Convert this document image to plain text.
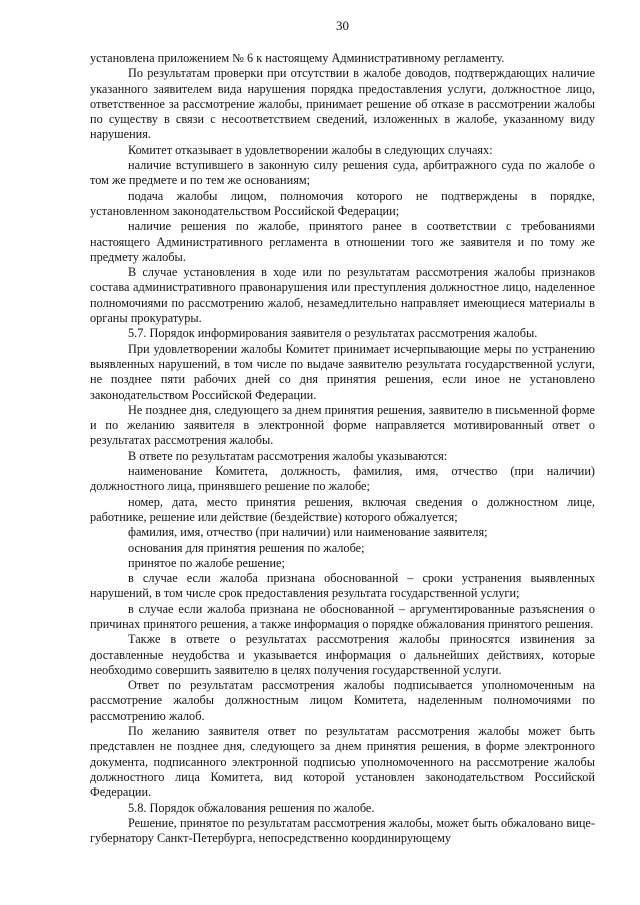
30

установлена приложением № 6 к настоящему Административному регламенту.

По результатам проверки при отсутствии в жалобе доводов, подтверждающих наличие указанного заявителем вида нарушения порядка предоставления услуги, должностное лицо, ответственное за рассмотрение жалобы, принимает решение об отказе в рассмотрении жалобы по существу в связи с несоответствием сведений, изложенных в жалобе, указанному виду нарушения.

Комитет отказывает в удовлетворении жалобы в следующих случаях:

наличие вступившего в законную силу решения суда, арбитражного суда по жалобе о том же предмете и по тем же основаниям;

подача жалобы лицом, полномочия которого не подтверждены в порядке, установленном законодательством Российской Федерации;

наличие решения по жалобе, принятого ранее в соответствии с требованиями настоящего Административного регламента в отношении того же заявителя и по тому же предмету жалобы.

В случае установления в ходе или по результатам рассмотрения жалобы признаков состава административного правонарушения или преступления должностное лицо, наделенное полномочиями по рассмотрению жалоб, незамедлительно направляет имеющиеся материалы в органы прокуратуры.

5.7. Порядок информирования заявителя о результатах рассмотрения жалобы.

При удовлетворении жалобы Комитет принимает исчерпывающие меры по устранению выявленных нарушений, в том числе по выдаче заявителю результата государственной услуги, не позднее пяти рабочих дней со дня принятия решения, если иное не установлено законодательством Российской Федерации.

Не позднее дня, следующего за днем принятия решения, заявителю в письменной форме и по желанию заявителя в электронной форме направляется мотивированный ответ о результатах рассмотрения жалобы.

В ответе по результатам рассмотрения жалобы указываются:

наименование Комитета, должность, фамилия, имя, отчество (при наличии) должностного лица, принявшего решение по жалобе;

номер, дата, место принятия решения, включая сведения о должностном лице, работнике, решение или действие (бездействие) которого обжалуется;

фамилия, имя, отчество (при наличии) или наименование заявителя;

основания для принятия решения по жалобе;

принятое по жалобе решение;

в случае если жалоба признана обоснованной – сроки устранения выявленных нарушений, в том числе срок предоставления результата государственной услуги;

в случае если жалоба признана не обоснованной – аргументированные разъяснения о причинах принятого решения, а также информация о порядке обжалования принятого решения.

Также в ответе о результатах рассмотрения жалобы приносятся извинения за доставленные неудобства и указывается информация о дальнейших действиях, которые необходимо совершить заявителю в целях получения государственной услуги.

Ответ по результатам рассмотрения жалобы подписывается уполномоченным на рассмотрение жалобы должностным лицом Комитета, наделенным полномочиями по рассмотрению жалоб.

По желанию заявителя ответ по результатам рассмотрения жалобы может быть представлен не позднее дня, следующего за днем принятия решения, в форме электронного документа, подписанного электронной подписью уполномоченного на рассмотрение жалобы должностного лица Комитета, вид которой установлен законодательством Российской Федерации.

5.8. Порядок обжалования решения по жалобе.

Решение, принятое по результатам рассмотрения жалобы, может быть обжаловано вице-губернатору Санкт-Петербурга, непосредственно координирующему
